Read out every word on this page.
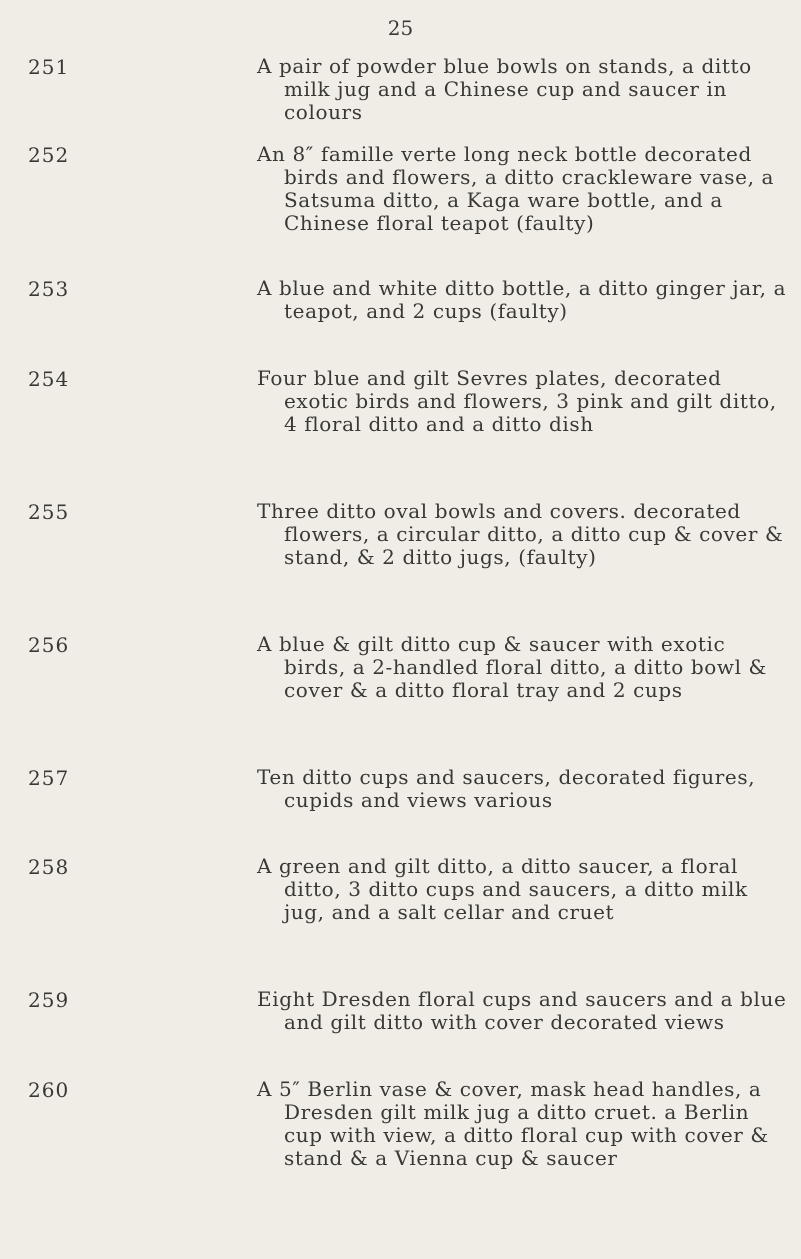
25
251	A pair of powder blue bowls on stands, a ditto milk jug and a Chinese cup and saucer in colours

252	An 8″ famille verte long neck bottle decorated birds and flowers, a ditto crackleware vase, a Satsuma ditto, a Kaga ware bottle, and a Chinese floral teapot (faulty)

253	A blue and white ditto bottle, a ditto ginger jar, a teapot, and 2 cups (faulty)

254	Four blue and gilt Sevres plates, decorated exotic birds and flowers, 3 pink and gilt ditto, 4 floral ditto and a ditto dish

255	Three ditto oval bowls and covers. decorated flowers, a circular ditto, a ditto cup & cover & stand, & 2 ditto jugs, (faulty)

256	A blue & gilt ditto cup & saucer with exotic birds, a 2-handled floral ditto, a ditto bowl & cover & a ditto floral tray and 2 cups

257	Ten ditto cups and saucers, decorated figures, cupids and views various

258	A green and gilt ditto, a ditto saucer, a floral ditto, 3 ditto cups and saucers, a ditto milk jug, and a salt cellar and cruet

259	Eight Dresden floral cups and saucers and a blue and gilt ditto with cover decorated views

260	A 5″ Berlin vase & cover, mask head handles, a Dresden gilt milk jug a ditto cruet. a Berlin cup with view, a ditto floral cup with cover & stand & a Vienna cup & saucer
